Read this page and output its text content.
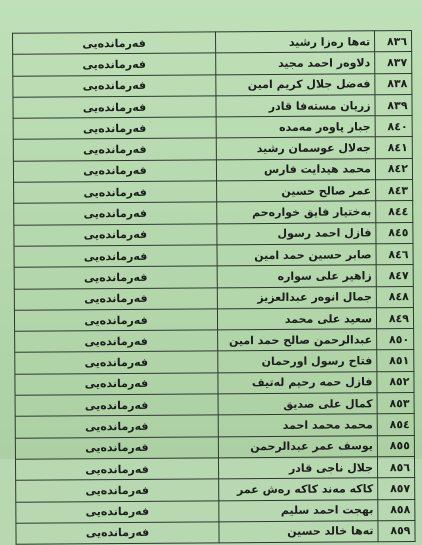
٨٣٦	تەها رەزا رشید	فەرماندەیی
٨٣٧	دلاوەر احمد مجید	فەرماندەیی
٨٣٨	فەضل جلال کریم امین	فەرماندەیی
٨٣٩	زریان مستەفا قادر	فەرماندەیی
٨٤٠	جبار پاوەر مەمدە	فەرماندەیی
٨٤١	جەلال عوسمان رشید	فەرماندەیی
٨٤٢	محمد هیدایت فارس	فەرماندەیی
٨٤٣	عمر صالح حسین	فەرماندەیی
٨٤٤	بەختیار فایق خوارەحم	فەرماندەیی
٨٤٥	فازل احمد رسول	فەرماندەیی
٨٤٦	صابر حسین حمد امین	فەرماندەیی
٨٤٧	زاهیر علی سوارە	فەرماندەیی
٨٤٨	جمال انوەر عبدالعزیز	فەرماندەیی
٨٤٩	سعید علی محمد	فەرماندەیی
٨٥٠	عبدالرحمن صالح حمد امین	فەرماندەیی
٨٥١	فتاح رسول اورحمان	فەرماندەیی
٨٥٢	فازل حمە رحیم لەتیف	فەرماندەیی
٨٥٣	کمال علی صدیق	فەرماندەیی
٨٥٤	محمد محمد احمد	فەرماندەیی
٨٥٥	یوسف عمر عبدالرحمن	فەرماندەیی
٨٥٦	جلال ناجی قادر	فەرماندەیی
٨٥٧	کاکە مەند کاکە رەش عمر	فەرماندەیی
٨٥٨	بهجت احمد سلیم	فەرماندەیی
٨٥٩	تەها خالد حسین	فەرماندەیی
